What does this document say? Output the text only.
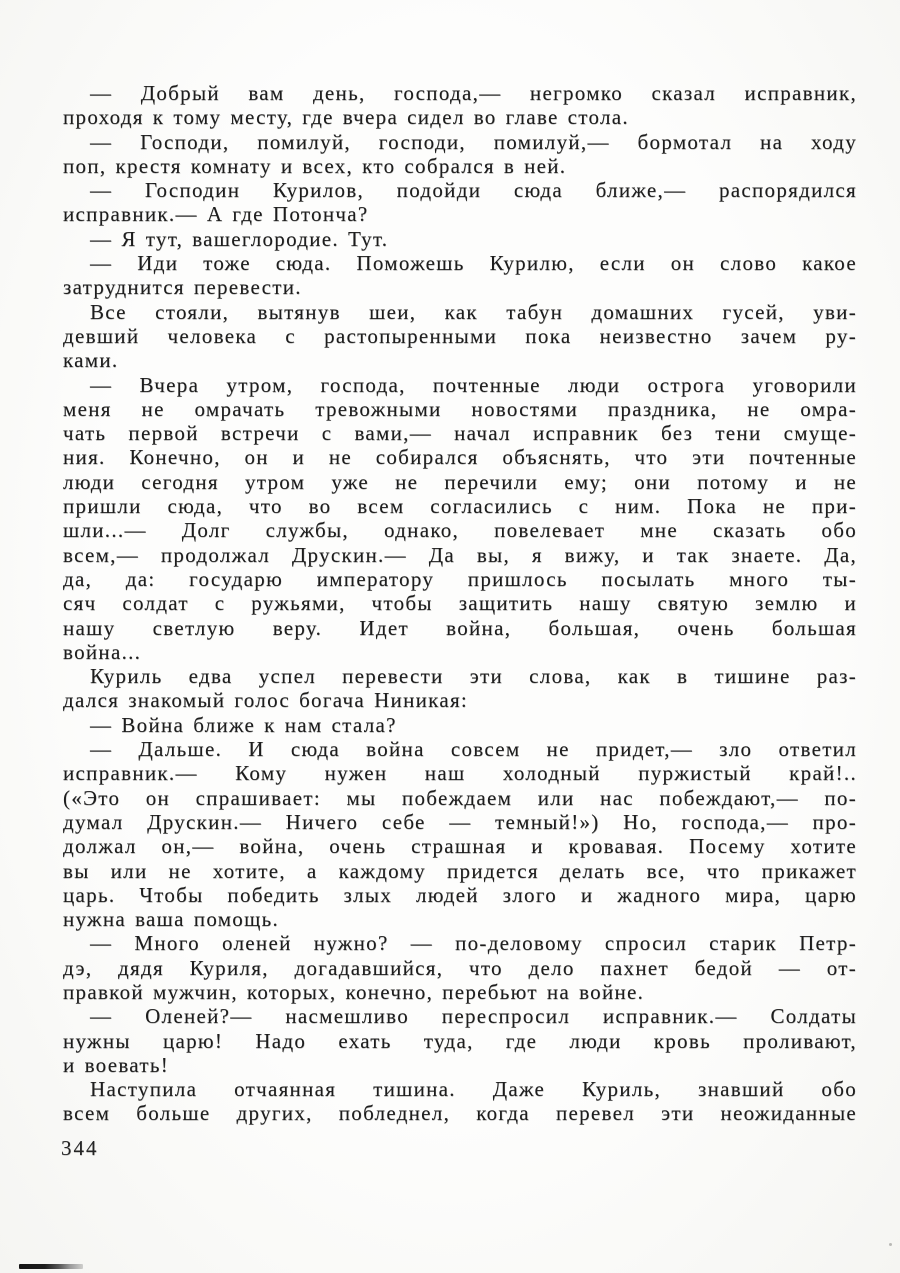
— Добрый вам день, господа,— негромко сказал исправник,
проходя к тому месту, где вчера сидел во главе стола.
— Господи, помилуй, господи, помилуй,— бормотал на ходу
поп, крестя комнату и всех, кто собрался в ней.
— Господин Курилов, подойди сюда ближе,— распорядился
исправник.— А где Потонча?
— Я тут, вашеглородие. Тут.
— Иди тоже сюда. Поможешь Курилю, если он слово какое
затруднится перевести.
Все стояли, вытянув шеи, как табун домашних гусей, уви-
девший человека с растопыренными пока неизвестно зачем ру-
ками.
— Вчера утром, господа, почтенные люди острога уговорили
меня не омрачать тревожными новостями праздника, не омра-
чать первой встречи с вами,— начал исправник без тени смуще-
ния. Конечно, он и не собирался объяснять, что эти почтенные
люди сегодня утром уже не перечили ему; они потому и не
пришли сюда, что во всем согласились с ним. Пока не при-
шли...— Долг службы, однако, повелевает мне сказать обо
всем,— продолжал Друскин.— Да вы, я вижу, и так знаете. Да,
да, да: государю императору пришлось посылать много ты-
сяч солдат с ружьями, чтобы защитить нашу святую землю и
нашу светлую веру. Идет война, большая, очень большая
война...
Куриль едва успел перевести эти слова, как в тишине раз-
дался знакомый голос богача Ниникая:
— Война ближе к нам стала?
— Дальше. И сюда война совсем не придет,— зло ответил
исправник.— Кому нужен наш холодный пуржистый край!..
(«Это он спрашивает: мы побеждаем или нас побеждают,— по-
думал Друскин.— Ничего себе — темный!») Но, господа,— про-
должал он,— война, очень страшная и кровавая. Посему хотите
вы или не хотите, а каждому придется делать все, что прикажет
царь. Чтобы победить злых людей злого и жадного мира, царю
нужна ваша помощь.
— Много оленей нужно? — по-деловому спросил старик Петр-
дэ, дядя Куриля, догадавшийся, что дело пахнет бедой — от-
правкой мужчин, которых, конечно, перебьют на войне.
— Оленей?— насмешливо переспросил исправник.— Солдаты
нужны царю! Надо ехать туда, где люди кровь проливают,
и воевать!
Наступила отчаянная тишина. Даже Куриль, знавший обо
всем больше других, побледнел, когда перевел эти неожиданные
344
